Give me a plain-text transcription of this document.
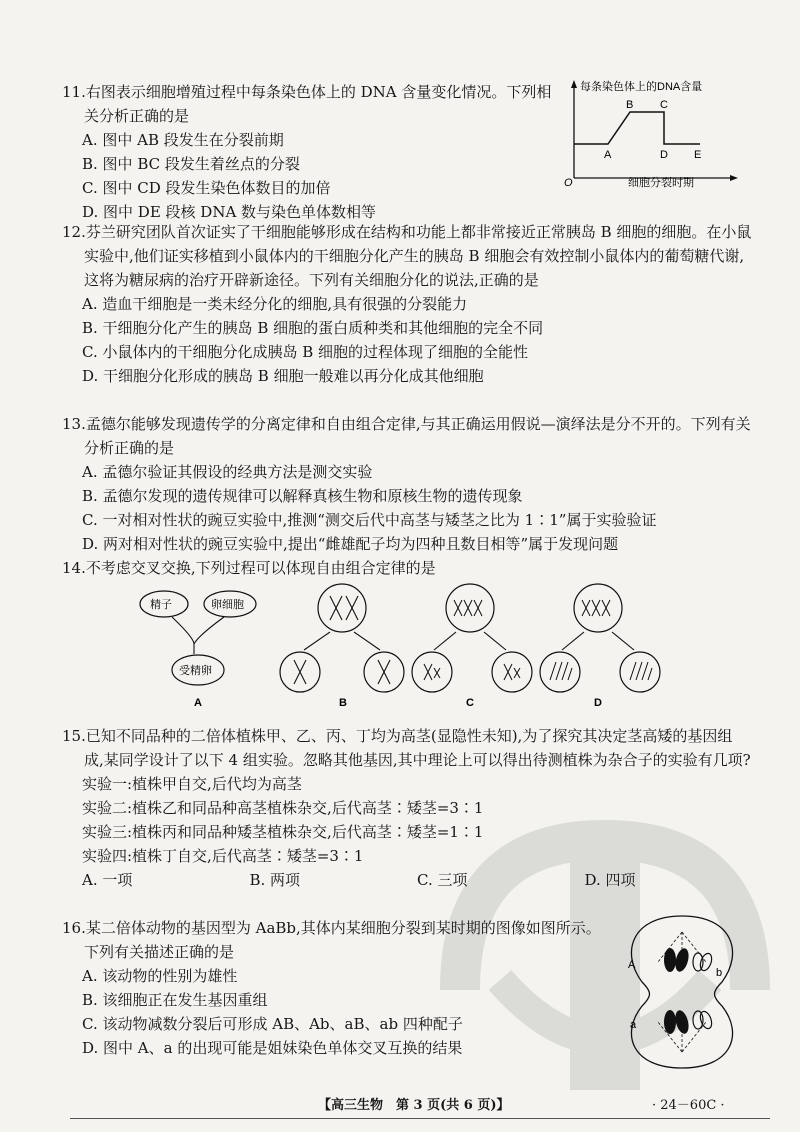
11.右图表示细胞增殖过程中每条染色体上的 DNA 含量变化情况。下列相关分析正确的是

A. 图中 AB 段发生在分裂前期

B. 图中 BC 段发生着丝点的分裂

C. 图中 CD 段发生染色体数目的加倍

D. 图中 DE 段核 DNA 数与染色单体数相等

每条染色体上的DNA含量
O	细胞分裂时期
A
B C
D E

12.芬兰研究团队首次证实了干细胞能够形成在结构和功能上都非常接近正常胰岛 B 细胞的细胞。在小鼠实验中,他们证实移植到小鼠体内的干细胞分化产生的胰岛 B 细胞会有效控制小鼠体内的葡萄糖代谢,这将为糖尿病的治疗开辟新途径。下列有关细胞分化的说法,正确的是

A. 造血干细胞是一类未经分化的细胞,具有很强的分裂能力

B. 干细胞分化产生的胰岛 B 细胞的蛋白质种类和其他细胞的完全不同

C. 小鼠体内的干细胞分化成胰岛 B 细胞的过程体现了细胞的全能性

D. 干细胞分化形成的胰岛 B 细胞一般难以再分化成其他细胞

13.孟德尔能够发现遗传学的分离定律和自由组合定律,与其正确运用假说—演绎法是分不开的。下列有关分析正确的是

A. 孟德尔验证其假设的经典方法是测交实验

B. 孟德尔发现的遗传规律可以解释真核生物和原核生物的遗传现象

C. 一对相对性状的豌豆实验中,推测“测交后代中高茎与矮茎之比为 1∶1”属于实验验证

D. 两对相对性状的豌豆实验中,提出“雌雄配子均为四种且数目相等”属于发现问题

14.不考虑交叉交换,下列过程可以体现自由组合定律的是

精子	卵细胞
受精卵
A	B	C	D

15.已知不同品种的二倍体植株甲、乙、丙、丁均为高茎(显隐性未知),为了探究其决定茎高矮的基因组成,某同学设计了以下 4 组实验。忽略其他基因,其中理论上可以得出待测植株为杂合子的实验有几项?

实验一:植株甲自交,后代均为高茎

实验二:植株乙和同品种高茎植株杂交,后代高茎∶矮茎=3∶1

实验三:植株丙和同品种矮茎植株杂交,后代高茎∶矮茎=1∶1

实验四:植株丁自交,后代高茎∶矮茎=3∶1

A. 一项	B. 两项	C. 三项	D. 四项

16.某二倍体动物的基因型为 AaBb,其体内某细胞分裂到某时期的图像如图所示。下列有关描述正确的是

A. 该动物的性别为雄性

B. 该细胞正在发生基因重组

C. 该动物减数分裂后可形成 AB、Ab、aB、ab 四种配子

D. 图中 A、a 的出现可能是姐妹染色单体交叉互换的结果

A
b
a
【高三生物　第 3 页(共 6 页)】	· 24－60C ·
